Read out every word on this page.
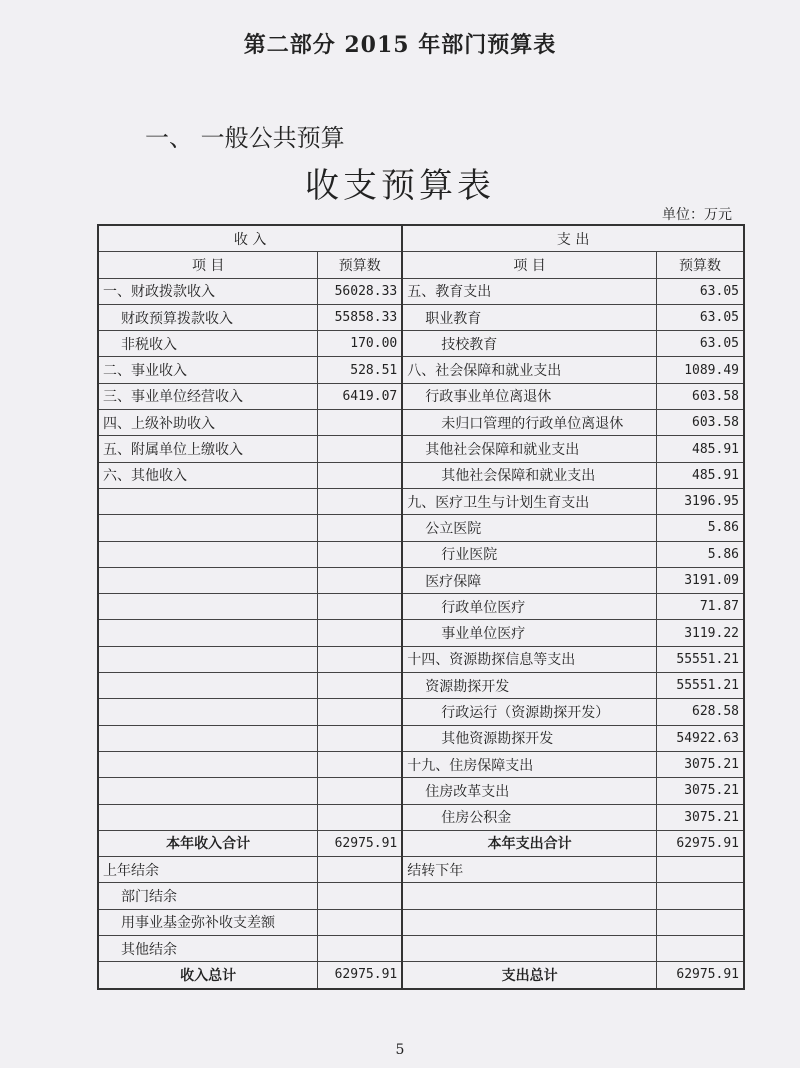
第二部分 2015 年部门预算表
一、 一般公共预算
收支预算表
单位：万元
收 入		支 出	
项 目	预算数	项 目	预算数
一、财政拨款收入	56028.33	五、教育支出	63.05
财政预算拨款收入	55858.33	职业教育	63.05
非税收入	170.00	技校教育	63.05
二、事业收入	528.51	八、社会保障和就业支出	1089.49
三、事业单位经营收入	6419.07	行政事业单位离退休	603.58
四、上级补助收入		未归口管理的行政单位离退休	603.58
五、附属单位上缴收入		其他社会保障和就业支出	485.91
六、其他收入		其他社会保障和就业支出	485.91
		九、医疗卫生与计划生育支出	3196.95
		公立医院	5.86
		行业医院	5.86
		医疗保障	3191.09
		行政单位医疗	71.87
		事业单位医疗	3119.22
		十四、资源勘探信息等支出	55551.21
		资源勘探开发	55551.21
		行政运行（资源勘探开发）	628.58
		其他资源勘探开发	54922.63
		十九、住房保障支出	3075.21
		住房改革支出	3075.21
		住房公积金	3075.21
本年收入合计	62975.91	本年支出合计	62975.91
上年结余		结转下年	
部门结余			
用事业基金弥补收支差额			
其他结余			
收入总计	62975.91	支出总计	62975.91
5
